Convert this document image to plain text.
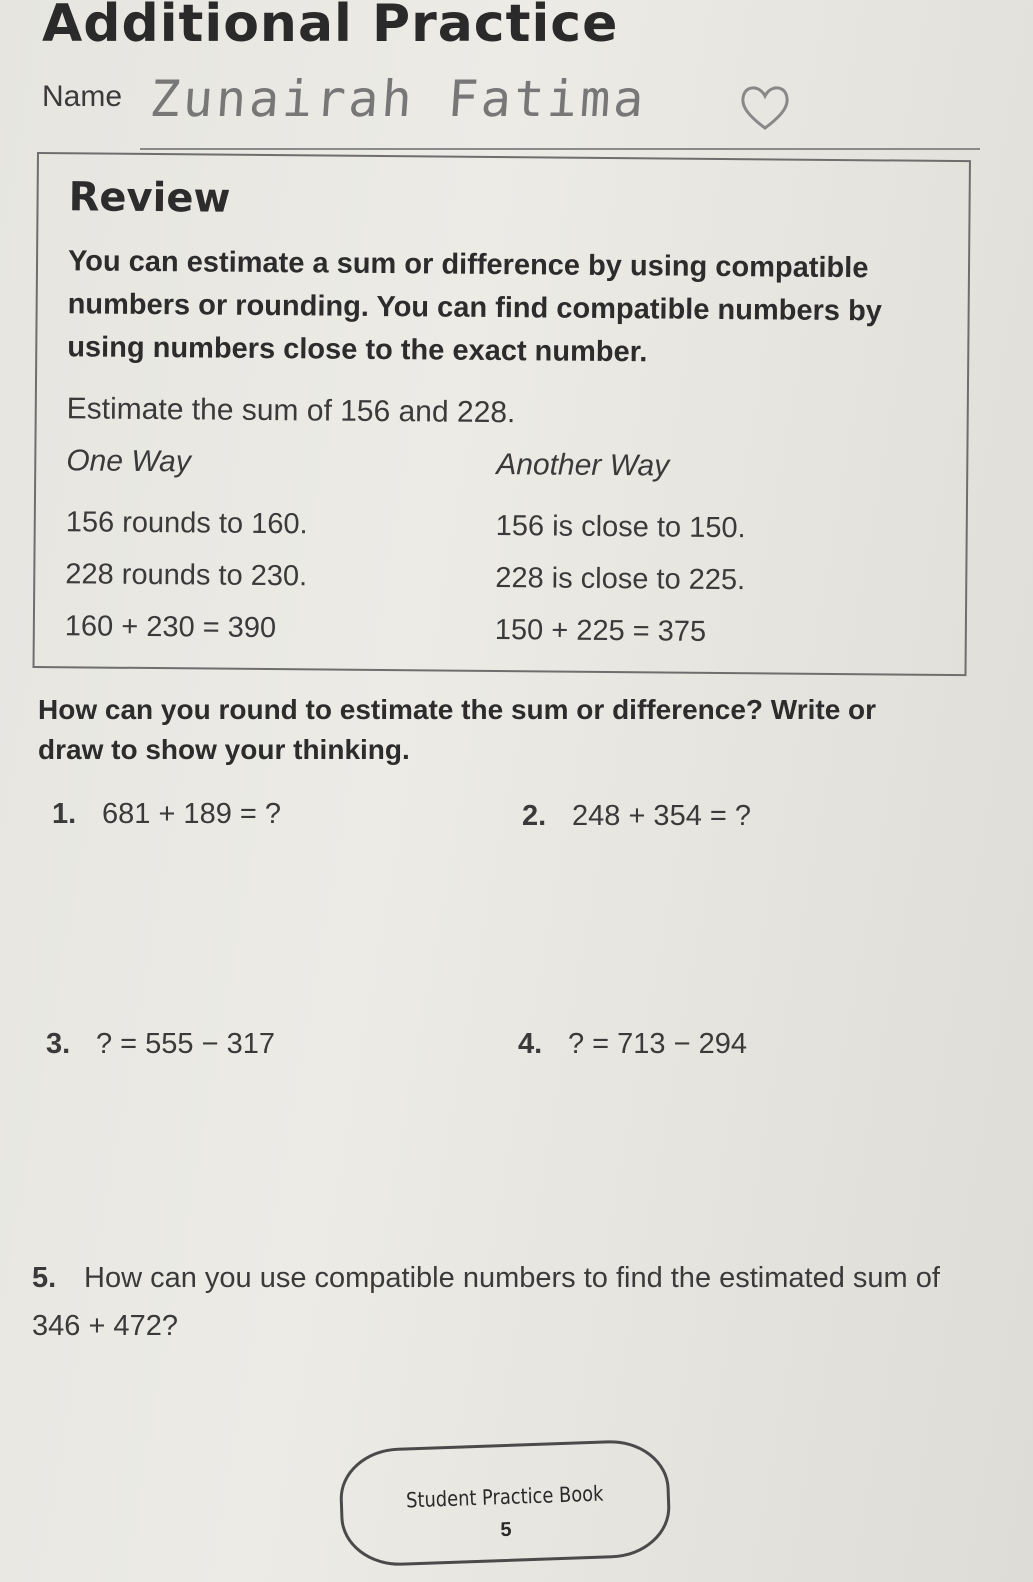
Additional Practice
Name Zunairah Fatima
Review
You can estimate a sum or difference by using compatible numbers or rounding. You can find compatible numbers by using numbers close to the exact number.
Estimate the sum of 156 and 228.
One Way
156 rounds to 160.
228 rounds to 230.
160 + 230 = 390
Another Way
156 is close to 150.
228 is close to 225.
150 + 225 = 375
How can you round to estimate the sum or difference? Write or draw to show your thinking.
1. 681 + 189 = ?	2. 248 + 354 = ?
3. ? = 555 − 317	4. ? = 713 − 294
5. How can you use compatible numbers to find the estimated sum of 346 + 472?
Student Practice Book
5
